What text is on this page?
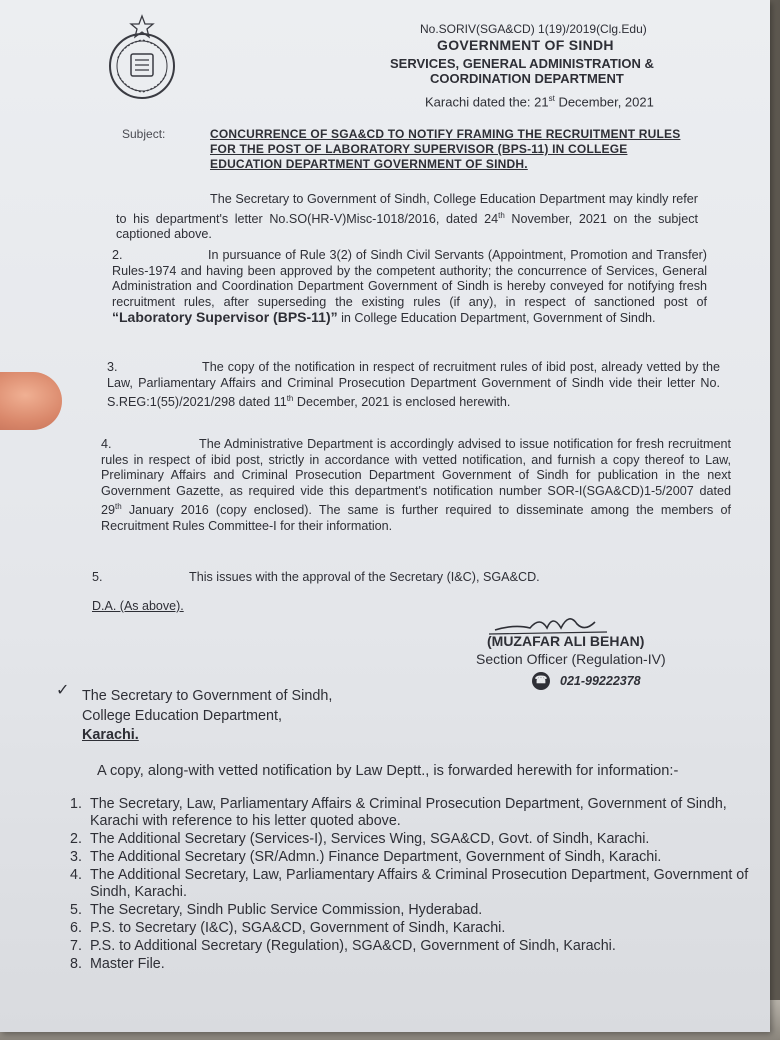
No.SORIV(SGA&CD) 1(19)/2019(Clg.Edu)
GOVERNMENT OF SINDH
SERVICES, GENERAL ADMINISTRATION &
COORDINATION DEPARTMENT
Karachi dated the: 21st December, 2021
Subject:	CONCURRENCE OF SGA&CD TO NOTIFY FRAMING THE RECRUITMENT RULES FOR THE POST OF LABORATORY SUPERVISOR (BPS-11) IN COLLEGE EDUCATION DEPARTMENT GOVERNMENT OF SINDH.
The Secretary to Government of Sindh, College Education Department may kindly refer to his department's letter No.SO(HR-V)Misc-1018/2016, dated 24th November, 2021 on the subject captioned above.
2.	In pursuance of Rule 3(2) of Sindh Civil Servants (Appointment, Promotion and Transfer) Rules-1974 and having been approved by the competent authority; the concurrence of Services, General Administration and Coordination Department Government of Sindh is hereby conveyed for notifying fresh recruitment rules, after superseding the existing rules (if any), in respect of sanctioned post of “Laboratory Supervisor (BPS-11)” in College Education Department, Government of Sindh.
3.	The copy of the notification in respect of recruitment rules of ibid post, already vetted by the Law, Parliamentary Affairs and Criminal Prosecution Department Government of Sindh vide their letter No. S.REG:1(55)/2021/298 dated 11th December, 2021 is enclosed herewith.
4.	The Administrative Department is accordingly advised to issue notification for fresh recruitment rules in respect of ibid post, strictly in accordance with vetted notification, and furnish a copy thereof to Law, Preliminary Affairs and Criminal Prosecution Department Government of Sindh for publication in the next Government Gazette, as required vide this department's notification number SOR-I(SGA&CD)1-5/2007 dated 29th January 2016 (copy enclosed). The same is further required to disseminate among the members of Recruitment Rules Committee-I for their information.
5.	This issues with the approval of the Secretary (I&C), SGA&CD.
D.A. (As above).
(MUZAFAR ALI BEHAN)
Section Officer (Regulation-IV)
☎ 021-99222378
✓ The Secretary to Government of Sindh,
College Education Department,
Karachi.
A copy, along-with vetted notification by Law Deptt., is forwarded herewith for information:-
1. The Secretary, Law, Parliamentary Affairs & Criminal Prosecution Department, Government of Sindh, Karachi with reference to his letter quoted above.
2. The Additional Secretary (Services-I), Services Wing, SGA&CD, Govt. of Sindh, Karachi.
3. The Additional Secretary (SR/Admn.) Finance Department, Government of Sindh, Karachi.
4. The Additional Secretary, Law, Parliamentary Affairs & Criminal Prosecution Department, Government of Sindh, Karachi.
5. The Secretary, Sindh Public Service Commission, Hyderabad.
6. P.S. to Secretary (I&C), SGA&CD, Government of Sindh, Karachi.
7. P.S. to Additional Secretary (Regulation), SGA&CD, Government of Sindh, Karachi.
8. Master File.
